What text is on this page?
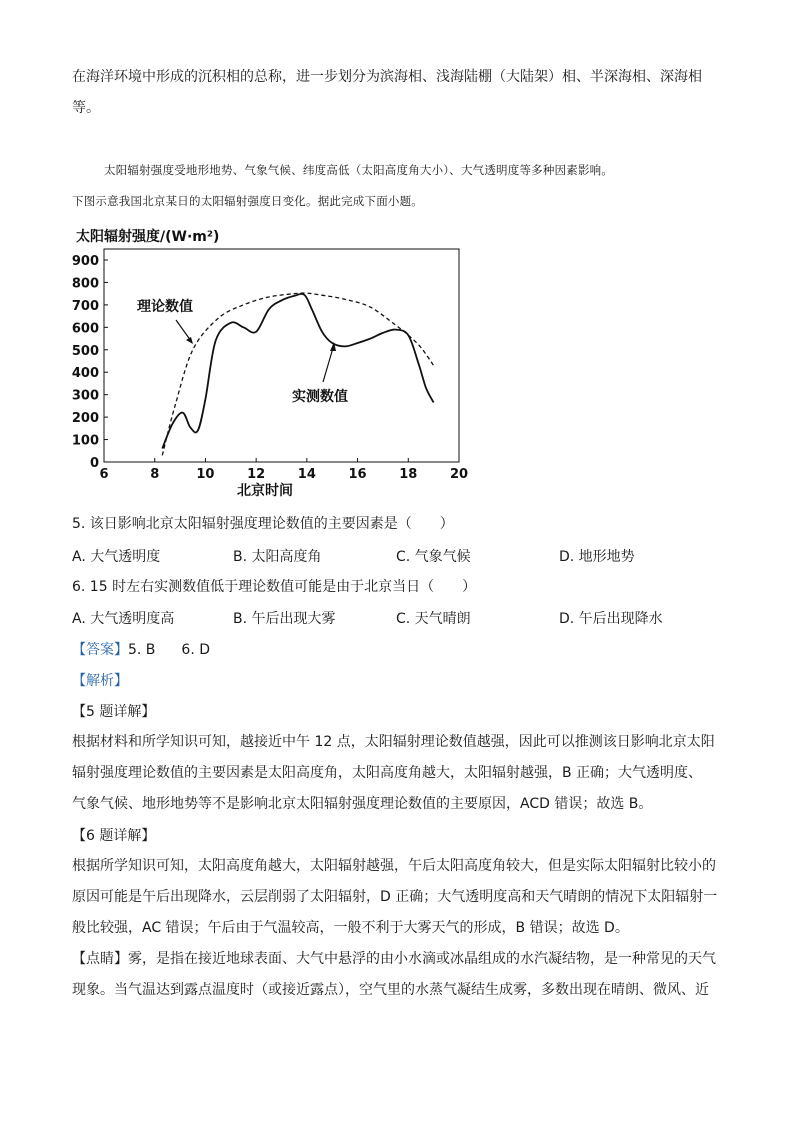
在海洋环境中形成的沉积相的总称，进一步划分为滨海相、浅海陆棚（大陆架）相、半深海相、深海相

等。

太阳辐射强度受地形地势、气象气候、纬度高低（太阳高度角大小）、大气透明度等多种因素影响。

下图示意我国北京某日的太阳辐射强度日变化。据此完成下面小题。

太阳辐射强度/(W·m²)
0
100
200
300
400
500
600
700
800
900
6	8	10	12	14	16	18	20
理论数值
实测数值
北京时间

5. 该日影响北京太阳辐射强度理论数值的主要因素是（　　）

A. 大气透明度	B. 太阳高度角	C. 气象气候	D. 地形地势

6. 15 时左右实测数值低于理论数值可能是由于北京当日（　　）

A. 大气透明度高	B. 午后出现大雾	C. 天气晴朗	D. 午后出现降水
【答案】5. B 6. D
【解析】

【5 题详解】

根据材料和所学知识可知，越接近中午 12 点，太阳辐射理论数值越强，因此可以推测该日影响北京太阳

辐射强度理论数值的主要因素是太阳高度角，太阳高度角越大，太阳辐射越强，B 正确；大气透明度、

气象气候、地形地势等不是影响北京太阳辐射强度理论数值的主要原因，ACD 错误；故选 B。

【6 题详解】

根据所学知识可知，太阳高度角越大，太阳辐射越强，午后太阳高度角较大，但是实际太阳辐射比较小的

原因可能是午后出现降水，云层削弱了太阳辐射，D 正确；大气透明度高和天气晴朗的情况下太阳辐射一

般比较强，AC 错误；午后由于气温较高，一般不利于大雾天气的形成，B 错误；故选 D。

【点睛】雾，是指在接近地球表面、大气中悬浮的由小水滴或冰晶组成的水汽凝结物，是一种常见的天气

现象。当气温达到露点温度时（或接近露点），空气里的水蒸气凝结生成雾，多数出现在晴朗、微风、近
